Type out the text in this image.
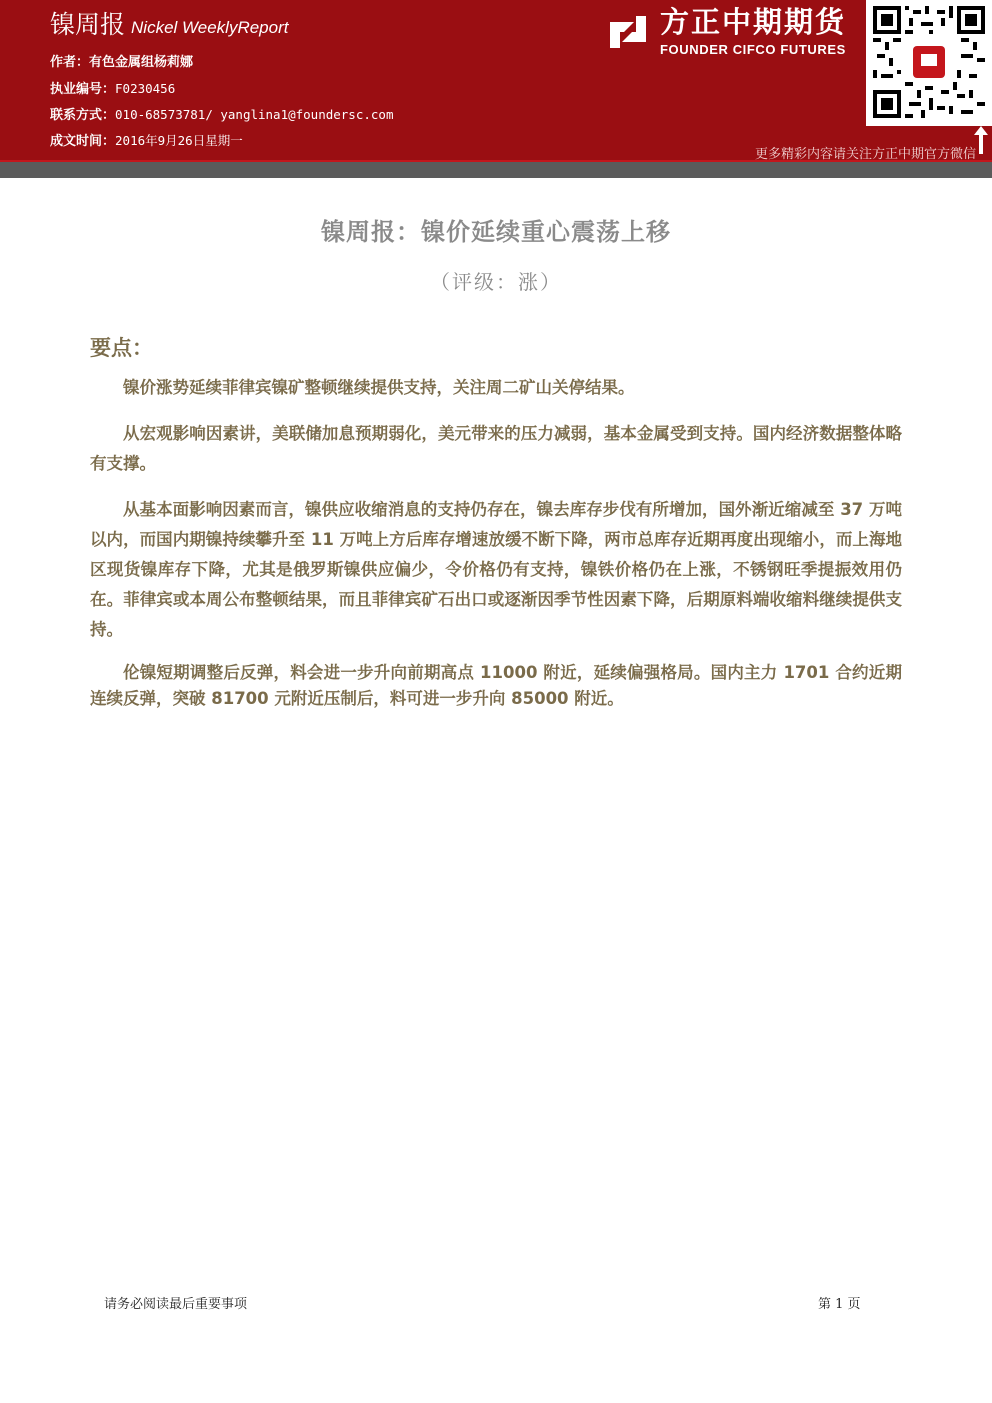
镍周报 Nickel WeeklyReport
作者：有色金属组杨莉娜
执业编号：F0230456
联系方式：010-68573781/ yanglina1@foundersc.com
成文时间：2016年9月26日星期一
方正中期期货
FOUNDER CIFCO FUTURES
更多精彩内容请关注方正中期官方微信
镍周报：镍价延续重心震荡上移
（评级：涨）
要点：
镍价涨势延续菲律宾镍矿整顿继续提供支持，关注周二矿山关停结果。
从宏观影响因素讲，美联储加息预期弱化，美元带来的压力减弱，基本金属受到支持。国内经济数据整体略有支撑。
从基本面影响因素而言，镍供应收缩消息的支持仍存在，镍去库存步伐有所增加，国外渐近缩减至 37 万吨以内，而国内期镍持续攀升至 11 万吨上方后库存增速放缓不断下降，两市总库存近期再度出现缩小，而上海地区现货镍库存下降，尤其是俄罗斯镍供应偏少，令价格仍有支持，镍铁价格仍在上涨，不锈钢旺季提振效用仍在。菲律宾或本周公布整顿结果，而且菲律宾矿石出口或逐渐因季节性因素下降，后期原料端收缩料继续提供支持。
伦镍短期调整后反弹，料会进一步升向前期高点 11000 附近，延续偏强格局。国内主力 1701 合约近期连续反弹，突破 81700 元附近压制后，料可进一步升向 85000 附近。
请务必阅读最后重要事项	第 1 页
